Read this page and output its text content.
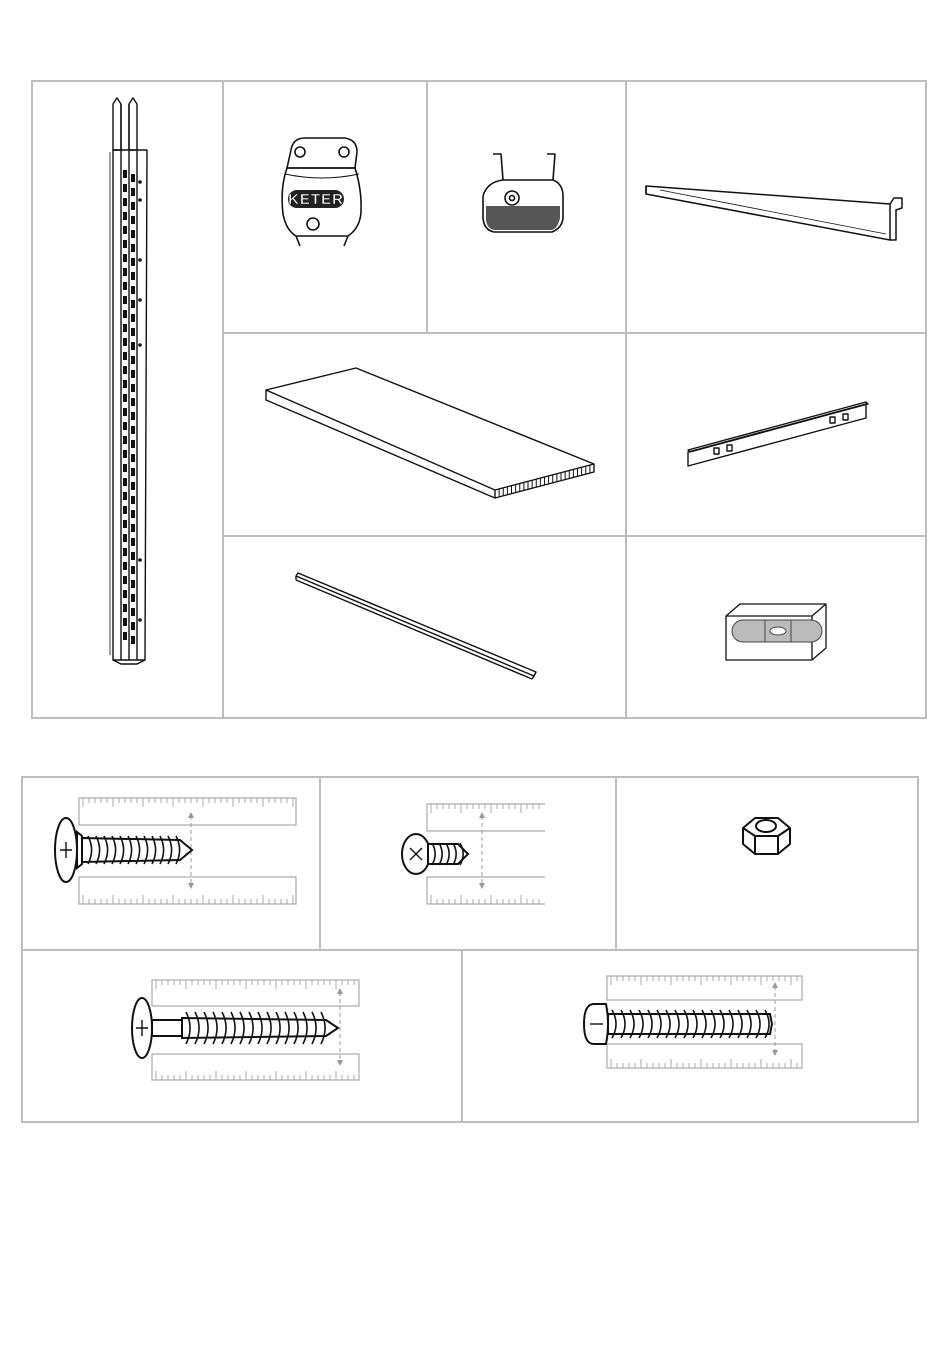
KETER
